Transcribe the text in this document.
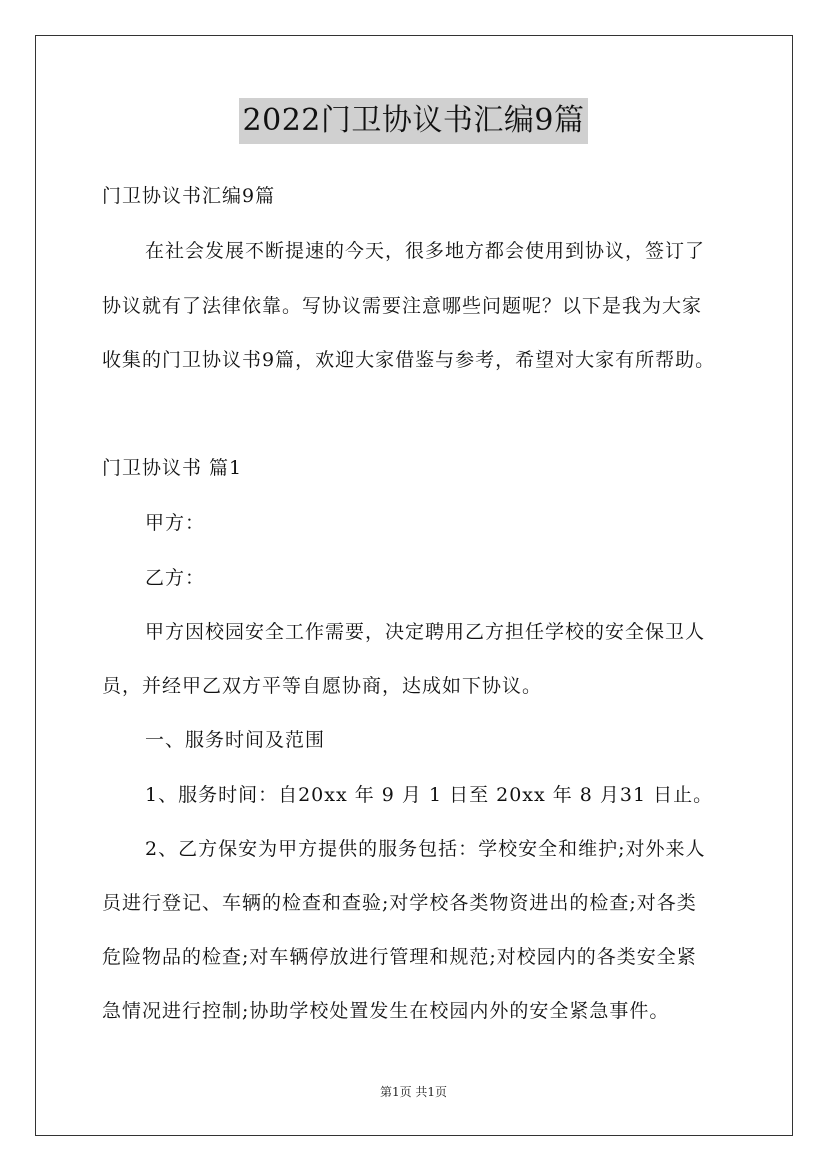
2022门卫协议书汇编9篇
门卫协议书汇编9篇
在社会发展不断提速的今天，很多地方都会使用到协议，签订了
协议就有了法律依靠。写协议需要注意哪些问题呢？以下是我为大家
收集的门卫协议书9篇，欢迎大家借鉴与参考，希望对大家有所帮助。
门卫协议书 篇1
甲方：
乙方：
甲方因校园安全工作需要，决定聘用乙方担任学校的安全保卫人
员，并经甲乙双方平等自愿协商，达成如下协议。
一、服务时间及范围
1、服务时间：自20xx 年 9 月 1 日至 20xx 年 8 月31 日止。
2、乙方保安为甲方提供的服务包括：学校安全和维护;对外来人
员进行登记、车辆的检查和查验;对学校各类物资进出的检查;对各类
危险物品的检查;对车辆停放进行管理和规范;对校园内的各类安全紧
急情况进行控制;协助学校处置发生在校园内外的安全紧急事件。
第1页 共1页
